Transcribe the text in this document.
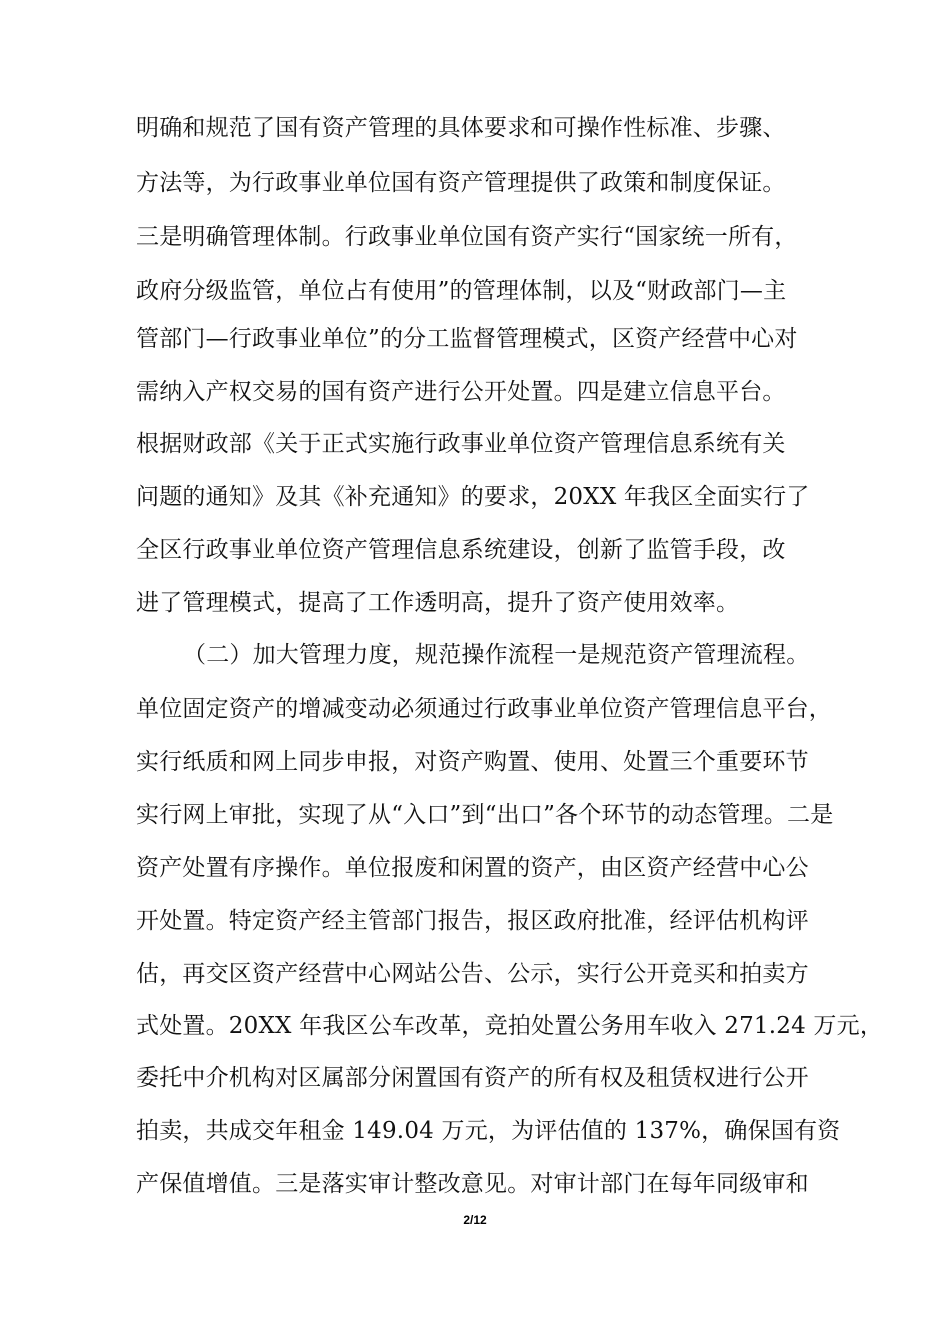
明确和规范了国有资产管理的具体要求和可操作性标准、步骤、
方法等，为行政事业单位国有资产管理提供了政策和制度保证。
三是明确管理体制。行政事业单位国有资产实行“国家统一所有，
政府分级监管，单位占有使用”的管理体制，以及“财政部门—主
管部门—行政事业单位”的分工监督管理模式，区资产经营中心对
需纳入产权交易的国有资产进行公开处置。四是建立信息平台。
根据财政部《关于正式实施行政事业单位资产管理信息系统有关
问题的通知》及其《补充通知》的要求，20XX 年我区全面实行了
全区行政事业单位资产管理信息系统建设，创新了监管手段，改
进了管理模式，提高了工作透明高，提升了资产使用效率。
（二）加大管理力度，规范操作流程一是规范资产管理流程。
单位固定资产的增减变动必须通过行政事业单位资产管理信息平台，
实行纸质和网上同步申报，对资产购置、使用、处置三个重要环节
实行网上审批，实现了从“入口”到“出口”各个环节的动态管理。二是
资产处置有序操作。单位报废和闲置的资产，由区资产经营中心公
开处置。特定资产经主管部门报告，报区政府批准，经评估机构评
估，再交区资产经营中心网站公告、公示，实行公开竞买和拍卖方
式处置。20XX 年我区公车改革，竞拍处置公务用车收入 271.24 万元，
委托中介机构对区属部分闲置国有资产的所有权及租赁权进行公开
拍卖，共成交年租金 149.04 万元，为评估值的 137%，确保国有资
产保值增值。三是落实审计整改意见。对审计部门在每年同级审和
2/12
